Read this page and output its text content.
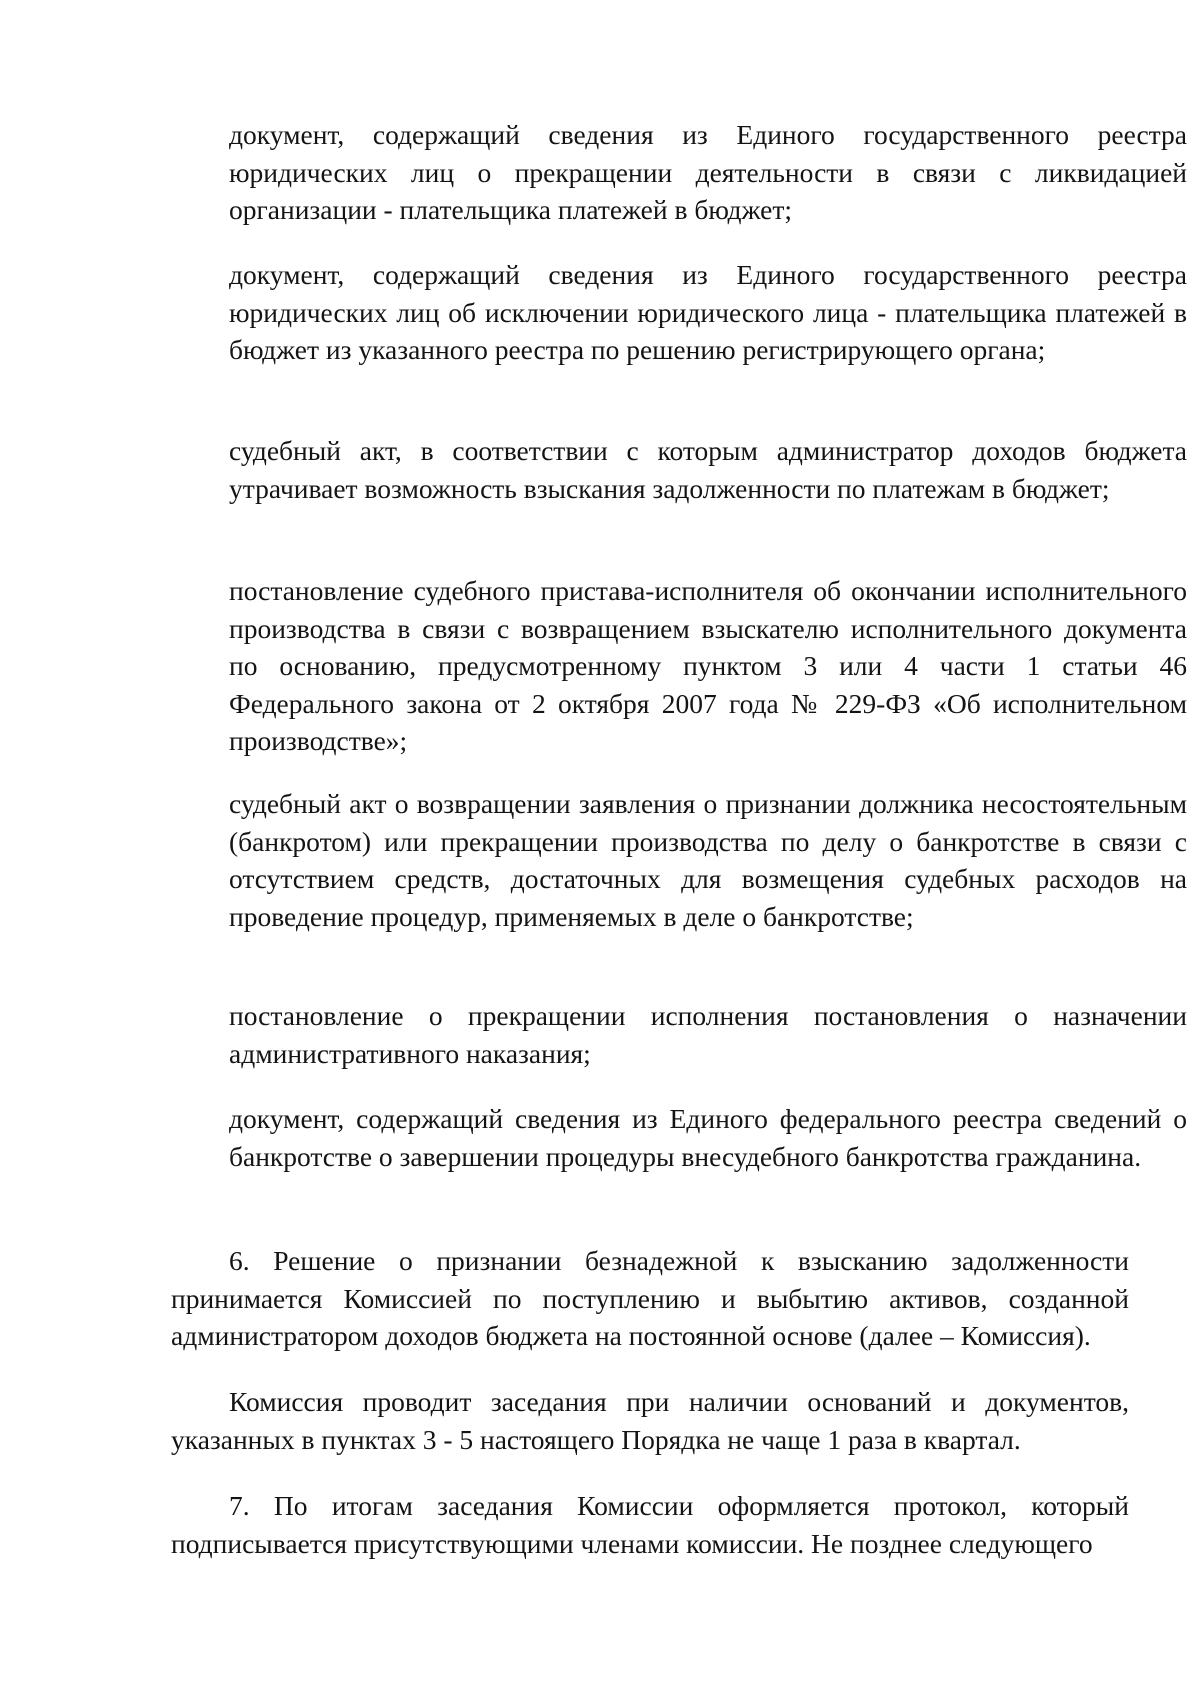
документ, содержащий сведения из Единого государственного реестра юридических лиц о прекращении деятельности в связи с ликвидацией организации - плательщика платежей в бюджет;

документ, содержащий сведения из Единого государственного реестра юридических лиц об исключении юридического лица - плательщика платежей в бюджет из указанного реестра по решению регистрирующего органа;

судебный акт, в соответствии с которым администратор доходов бюджета утрачивает возможность взыскания задолженности по платежам в бюджет;

постановление судебного пристава-исполнителя об окончании исполнительного производства в связи с возвращением взыскателю исполнительного документа по основанию, предусмотренному пунктом 3 или 4 части 1 статьи 46 Федерального закона от 2 октября 2007 года № 229-ФЗ «Об исполнительном производстве»;

судебный акт о возвращении заявления о признании должника несостоятельным (банкротом) или прекращении производства по делу о банкротстве в связи с отсутствием средств, достаточных для возмещения судебных расходов на проведение процедур, применяемых в деле о банкротстве;

постановление о прекращении исполнения постановления о назначении административного наказания;

документ, содержащий сведения из Единого федерального реестра сведений о банкротстве о завершении процедуры внесудебного банкротства гражданина.

6. Решение о признании безнадежной к взысканию задолженности принимается Комиссией по поступлению и выбытию активов, созданной администратором доходов бюджета на постоянной основе (далее – Комиссия).

Комиссия проводит заседания при наличии оснований и документов, указанных в пунктах 3 - 5 настоящего Порядка не чаще 1 раза в квартал.

7. По итогам заседания Комиссии оформляется протокол, который подписывается присутствующими членами комиссии. Не позднее следующего
